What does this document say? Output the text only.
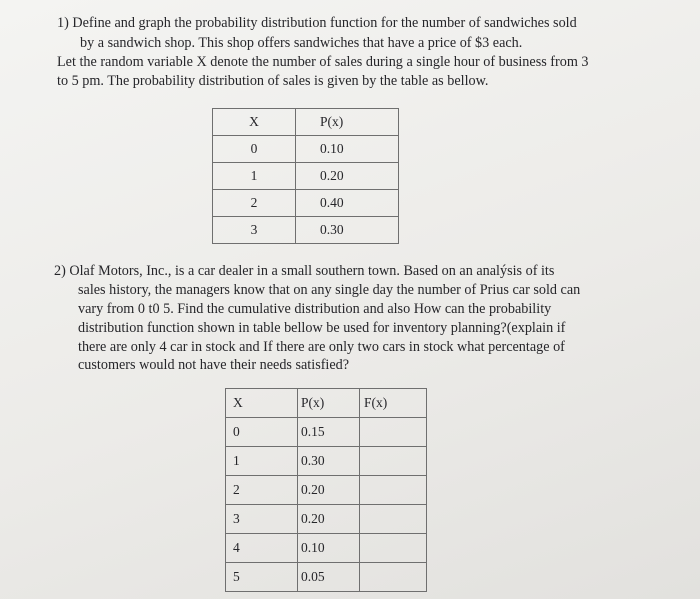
1) Define and graph the probability distribution function for the number of sandwiches sold
by a sandwich shop. This shop offers sandwiches that have a price of $3 each.
Let the random variable X denote the number of sales during a single hour of business from 3
to 5 pm. The probability distribution of sales is given by the table as bellow.
X	P(x)
0	0.10
1	0.20
2	0.40
3	0.30
2) Olaf Motors, Inc., is a car dealer in a small southern town. Based on an analýsis of its
sales history, the managers know that on any single day the number of Prius car sold can
vary from 0 t0 5. Find the cumulative distribution and also How can the probability
distribution function shown in table bellow be used for inventory planning?(explain if
there are only 4 car in stock and If there are only two cars in stock what percentage of
customers would not have their needs satisfied?
X	P(x)	F(x)
0	0.15	
1	0.30	
2	0.20	
3	0.20	
4	0.10	
5	0.05	
